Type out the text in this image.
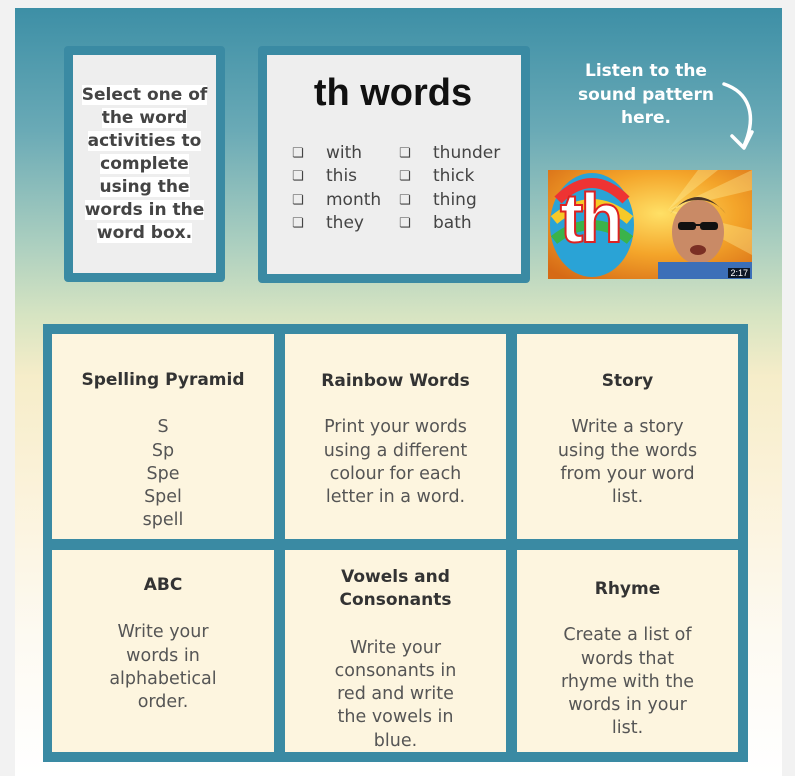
Select one of
the word
activities to
complete
using the
words in the
word box.
th words
❏	with
❏	this
❏	month
❏	they
❏	thunder
❏	thick
❏	thing
❏	bath
Listen to the
sound pattern
here.
th
2:17
Spelling Pyramid
S
Sp
Spe
Spel
spell
Rainbow Words
Print your words
using a different
colour for each
letter in a word.
Story
Write a story
using the words
from your word
list.
ABC
Write your
words in
alphabetical
order.
Vowels and
Consonants
Write your
consonants in
red and write
the vowels in
blue.
Rhyme
Create a list of
words that
rhyme with the
words in your
list.
